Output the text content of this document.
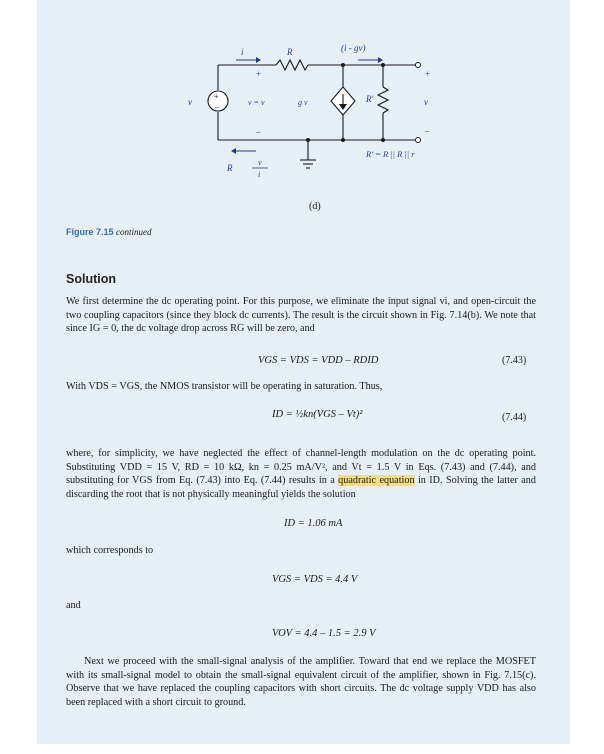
+
–
i	R	(i - gv)
v
+
–
v = v	g v	R'
+
v
–
R
v
i
R' = R || R || r
(d)
Figure 7.15 continued
Solution
We first determine the dc operating point. For this purpose, we eliminate the input signal vi, and open-circuit the two coupling capacitors (since they block dc currents). The result is the circuit shown in Fig. 7.14(b). We note that since IG = 0, the dc voltage drop across RG will be zero, and
VGS = VDS = VDD – RDID	(7.43)
With VDS = VGS, the NMOS transistor will be operating in saturation. Thus,
ID = ½kn(VGS – Vt)²	(7.44)
where, for simplicity, we have neglected the effect of channel-length modulation on the dc operating point. Substituting VDD = 15 V, RD = 10 kΩ, kn = 0.25 mA/V², and Vt = 1.5 V in Eqs. (7.43) and (7.44), and substituting for VGS from Eq. (7.43) into Eq. (7.44) results in a quadratic equation in ID. Solving the latter and discarding the root that is not physically meaningful yields the solution
ID = 1.06 mA
which corresponds to
VGS = VDS = 4.4 V
and
VOV = 4.4 – 1.5 = 2.9 V
Next we proceed with the small-signal analysis of the amplifier. Toward that end we replace the MOSFET with its small-signal model to obtain the small-signal equivalent circuit of the amplifier, shown in Fig. 7.15(c). Observe that we have replaced the coupling capacitors with short circuits. The dc voltage supply VDD has also been replaced with a short circuit to ground.
